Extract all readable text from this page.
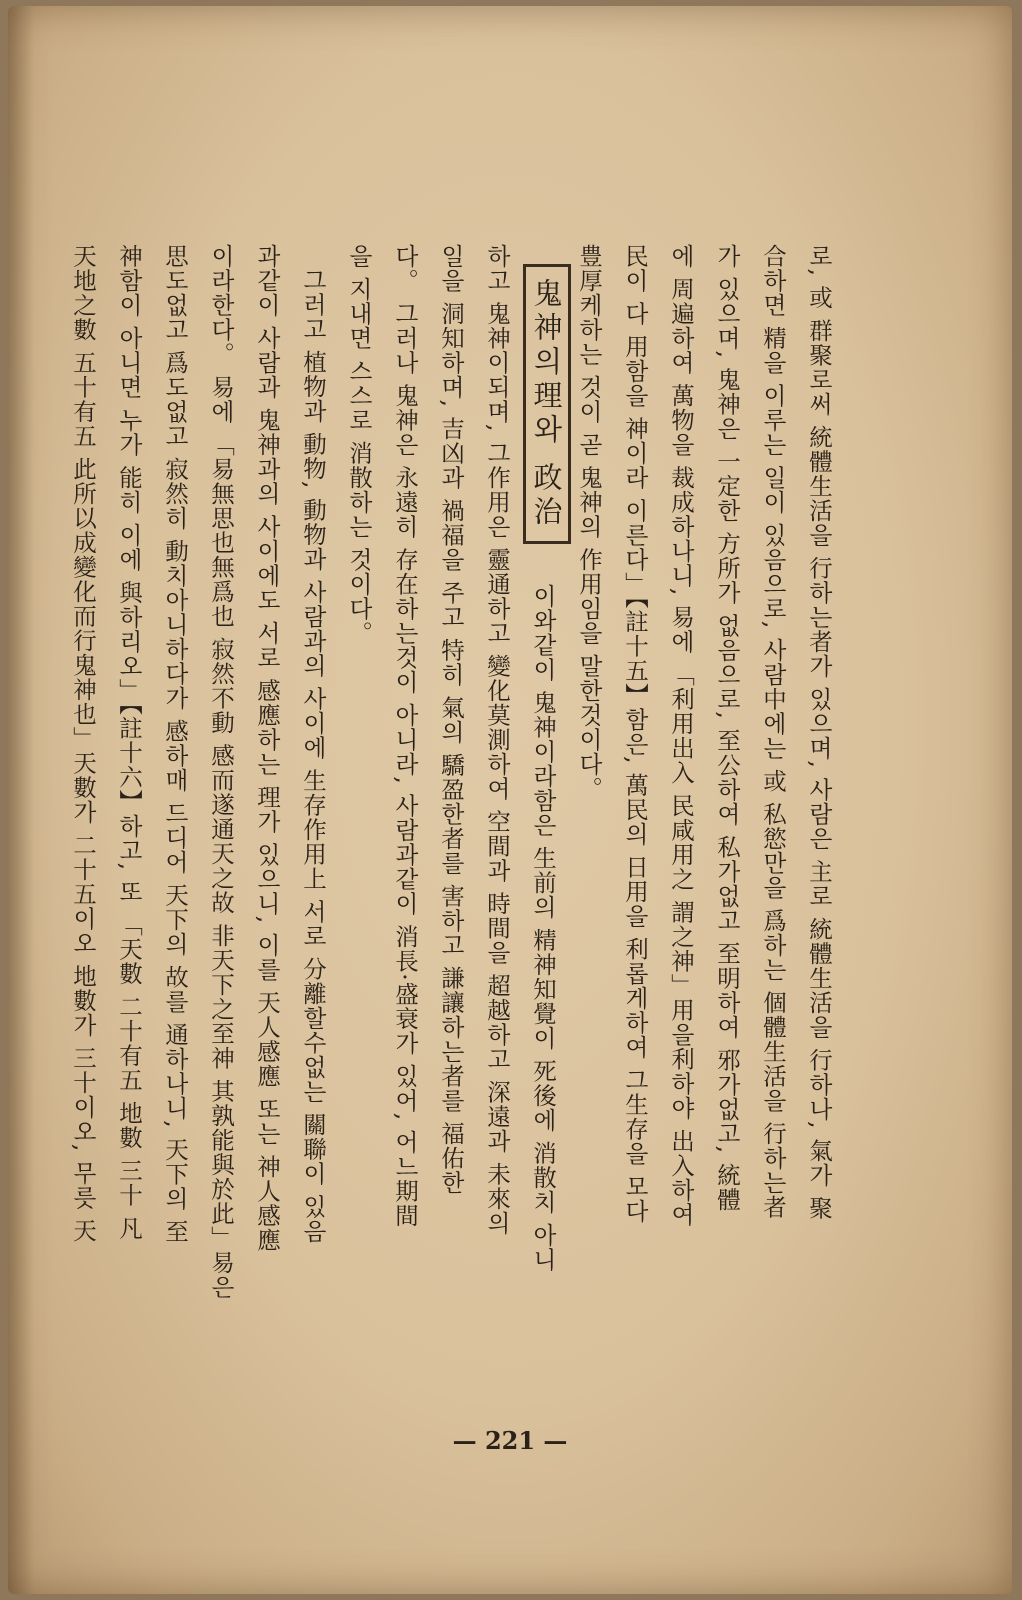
로, 或 群聚로써 統體生活을 行하는者가 있으며, 사람은 主로 統體生活을 行하나, 氣가 聚
合하면 精을 이루는 일이 있음으로, 사람中에는 或 私慾만을 爲하는 個體生活을 行하는者
가 있으며, 鬼神은 一定한 方所가 없음으로, 至公하여 私가없고 至明하여 邪가없고, 統體
에 周遍하여 萬物을 裁成하나니, 易에 「利用出入 民咸用之 謂之神」用을利하야 出入하여
民이 다 用함을 神이라 이른다」【註十五】함은, 萬民의 日用을 利롭게하여 그生存을 모다
豊厚케하는 것이 곧 鬼神의 作用임을 말한것이다。
鬼神의理와 政治
이와같이 鬼神이라함은 生前의 精神知覺이 死後에 消散치 아니
하고 鬼神이되며, 그作用은 靈通하고 變化莫測하여 空間과 時間을 超越하고 深遠과 未來의
일을 洞知하며, 吉凶과 禍福을 주고 特히 氣의 驕盈한者를 害하고 謙讓하는者를 福佑한
다。 그러나 鬼神은 永遠히 存在하는것이 아니라, 사람과같이 消長·盛衰가 있어, 어느期間
을 지내면 스스로 消散하는 것이다。
그러고 植物과 動物, 動物과 사람과의 사이에 生存作用上 서로 分離할수없는 關聯이 있음
과같이 사람과 鬼神과의 사이에도 서로 感應하는 理가 있으니, 이를 天人感應 또는 神人感應
이라한다。 易에 「易無思也無爲也 寂然不動 感而遂通天之故 非天下之至神 其孰能與於此」易은
思도없고 爲도없고 寂然히 動치아니하다가 感하매 드디어 天下의 故를 通하나니, 天下의 至
神함이 아니면 누가 能히 이에 與하리오」【註十六】하고, 또 「天數 二十有五 地數 三十 凡
天地之數 五十有五 此所以成變化而行鬼神也」天數가 二十五이오 地數가 三十이오, 무릇 天
— 221 —
